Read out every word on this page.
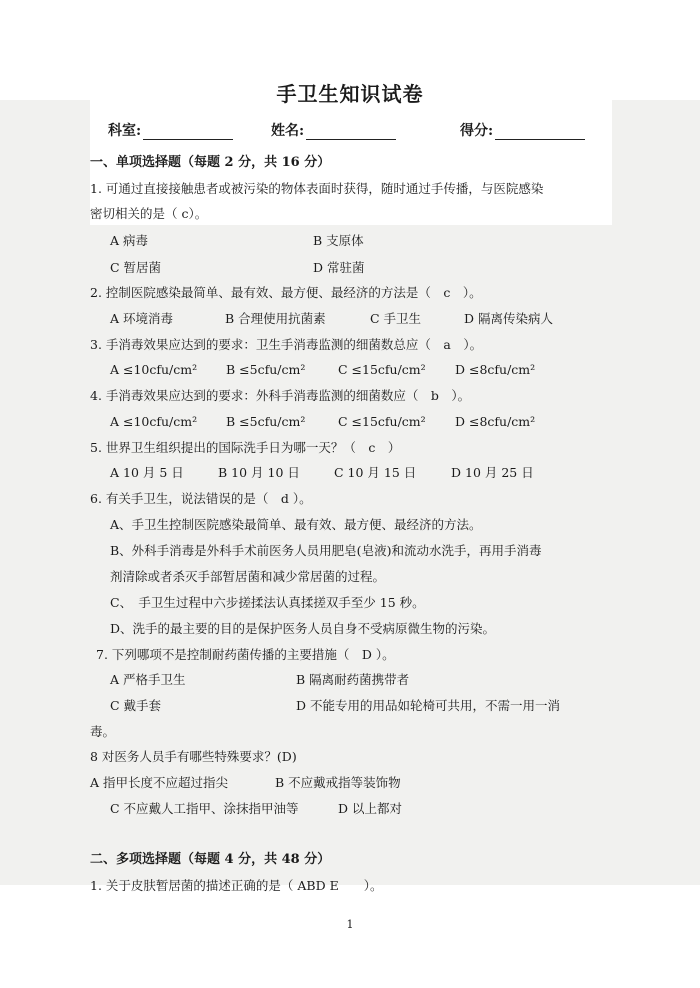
手卫生知识试卷
科室:	姓名:	得分:
一、单项选择题（每题 2 分，共 16 分）
1. 可通过直接接触患者或被污染的物体表面时获得，随时通过手传播，与医院感染
密切相关的是（ c）。
A 病毒	B 支原体
C 暂居菌	D 常驻菌
2. 控制医院感染最简单、最有效、最方便、最经济的方法是（　c　）。
A 环境消毒	B 合理使用抗菌素	C 手卫生	D 隔离传染病人
3. 手消毒效果应达到的要求：卫生手消毒监测的细菌数总应（　a　）。
A ≤10cfu/cm² B ≤5cfu/cm²	C ≤15cfu/cm² D ≤8cfu/cm²
4. 手消毒效果应达到的要求：外科手消毒监测的细菌数应（　b　）。
A ≤10cfu/cm² B ≤5cfu/cm²	C ≤15cfu/cm² D ≤8cfu/cm²
5. 世界卫生组织提出的国际洗手日为哪一天？（　c　）
A 10 月 5 日	B 10 月 10 日	C 10 月 15 日	D 10 月 25 日
6. 有关手卫生，说法错误的是（　d ）。
A、手卫生控制医院感染最简单、最有效、最方便、最经济的方法。
B、外科手消毒是外科手术前医务人员用肥皂(皂液)和流动水洗手，再用手消毒
剂清除或者杀灭手部暂居菌和减少常居菌的过程。
C、　手卫生过程中六步搓揉法认真揉搓双手至少 15 秒。
D、洗手的最主要的目的是保护医务人员自身不受病原微生物的污染。
7. 下列哪项不是控制耐药菌传播的主要措施（　D ）。
A 严格手卫生	B 隔离耐药菌携带者
C 戴手套	D 不能专用的用品如轮椅可共用，不需一用一消
毒。
8 对医务人员手有哪些特殊要求？(D)
A 指甲长度不应超过指尖	B 不应戴戒指等装饰物
C 不应戴人工指甲、涂抹指甲油等	D 以上都对
二、多项选择题（每题 4 分，共 48 分）
1. 关于皮肤暂居菌的描述正确的是（ ABD E　　）。
1
